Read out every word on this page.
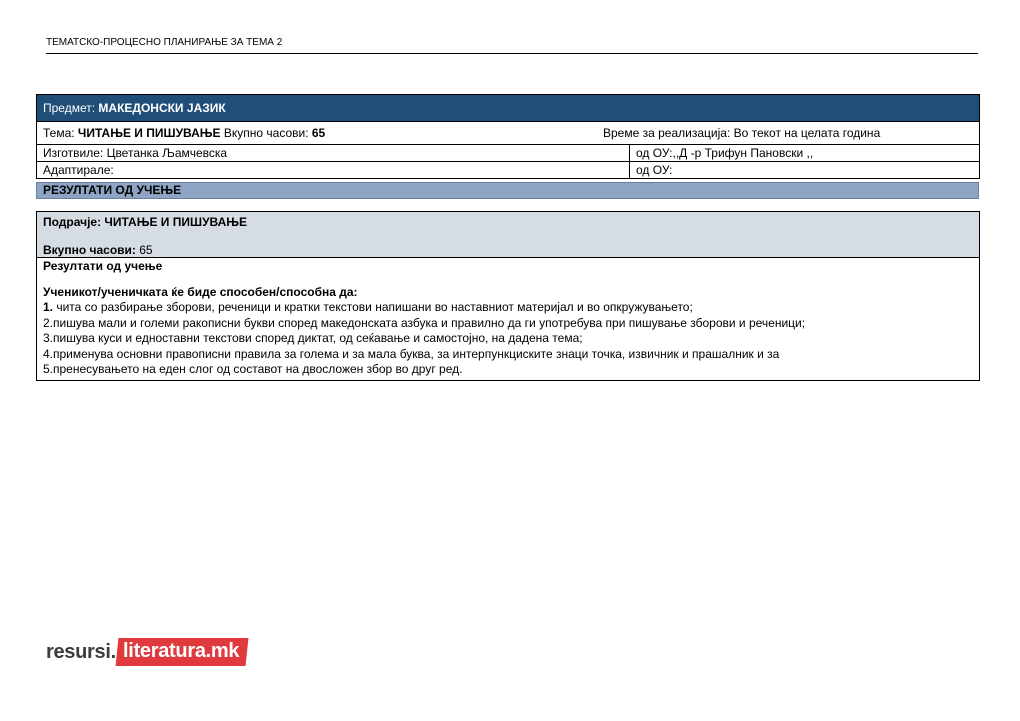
ТЕМАТСКО-ПРОЦЕСНО ПЛАНИРАЊЕ ЗА ТЕМА 2
Предмет: МАКЕДОНСКИ ЈАЗИК	
Тема: ЧИТАЊЕ И ПИШУВАЊЕ Вкупно часови: 65 Време за реализација: Во текот на целата година	

Изготвиле: Цветанка Љамчевска	од ОУ:,,Д -р Трифун Пановски ,,
Адаптирале:	од ОУ:
РЕЗУЛТАТИ ОД УЧЕЊЕ
Подрачје: ЧИТАЊЕ И ПИШУВАЊЕ
Вкупно часови: 65
Резултати од учење
Ученикот/ученичката ќе биде способен/способна да:
1. чита со разбирање зборови, реченици и кратки текстови напишани во наставниот материјал и во опкружувањето;
2.пишува мали и големи ракописни букви според македонската азбука и правилно да ги употребува при пишување зборови и реченици;
3.пишува куси и едноставни текстови според диктат, од сеќавање и самостојно, на дадена тема;
4.применува основни правописни правила за голема и за мала буква, за интерпункциските знаци точка, извичник и прашалник и за
5.пренесувањето на еден слог од составот на двосложен збор во друг ред.
resursi. literatura.mk
